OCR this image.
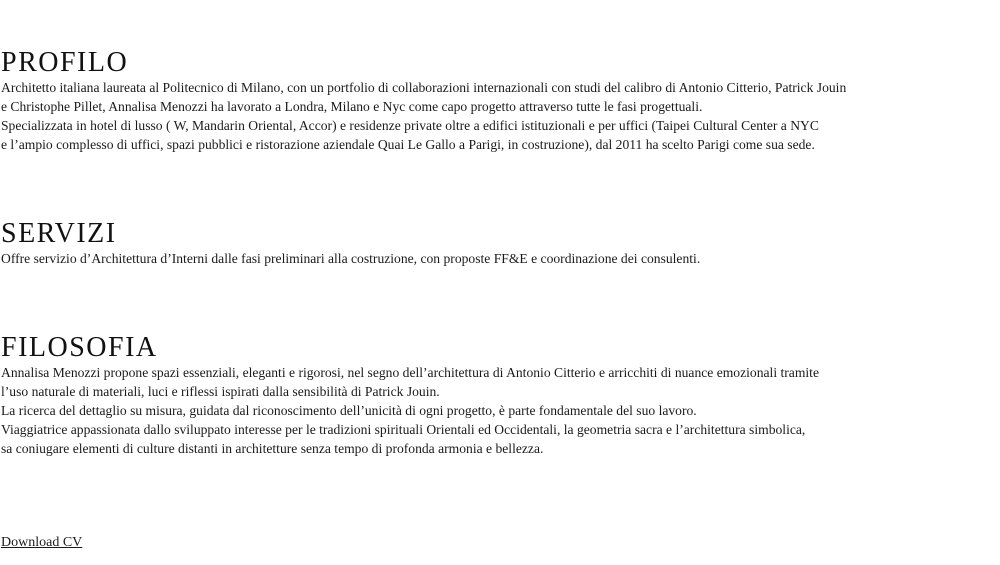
PROFILO

Architetto italiana laureata al Politecnico di Milano, con un portfolio di collaborazioni internazionali con studi del calibro di Antonio Citterio, Patrick Jouin
e Christophe Pillet, Annalisa Menozzi ha lavorato a Londra, Milano e Nyc come capo progetto attraverso tutte le fasi progettuali.
Specializzata in hotel di lusso ( W, Mandarin Oriental, Accor) e residenze private oltre a edifici istituzionali e per uffici (Taipei Cultural Center a NYC
e l’ampio complesso di uffici, spazi pubblici e ristorazione aziendale Quai Le Gallo a Parigi, in costruzione), dal 2011 ha scelto Parigi come sua sede.

SERVIZI

Offre servizio d’Architettura d’Interni dalle fasi preliminari alla costruzione, con proposte FF&E e coordinazione dei consulenti.

FILOSOFIA

Annalisa Menozzi propone spazi essenziali, eleganti e rigorosi, nel segno dell’architettura di Antonio Citterio e arricchiti di nuance emozionali tramite
l’uso naturale di materiali, luci e riflessi ispirati dalla sensibilità di Patrick Jouin.
La ricerca del dettaglio su misura, guidata dal riconoscimento dell’unicità di ogni progetto, è parte fondamentale del suo lavoro.
Viaggiatrice appassionata dallo sviluppato interesse per le tradizioni spirituali Orientali ed Occidentali, la geometria sacra e l’architettura simbolica,
sa coniugare elementi di culture distanti in architetture senza tempo di profonda armonia e bellezza.

Download CV
